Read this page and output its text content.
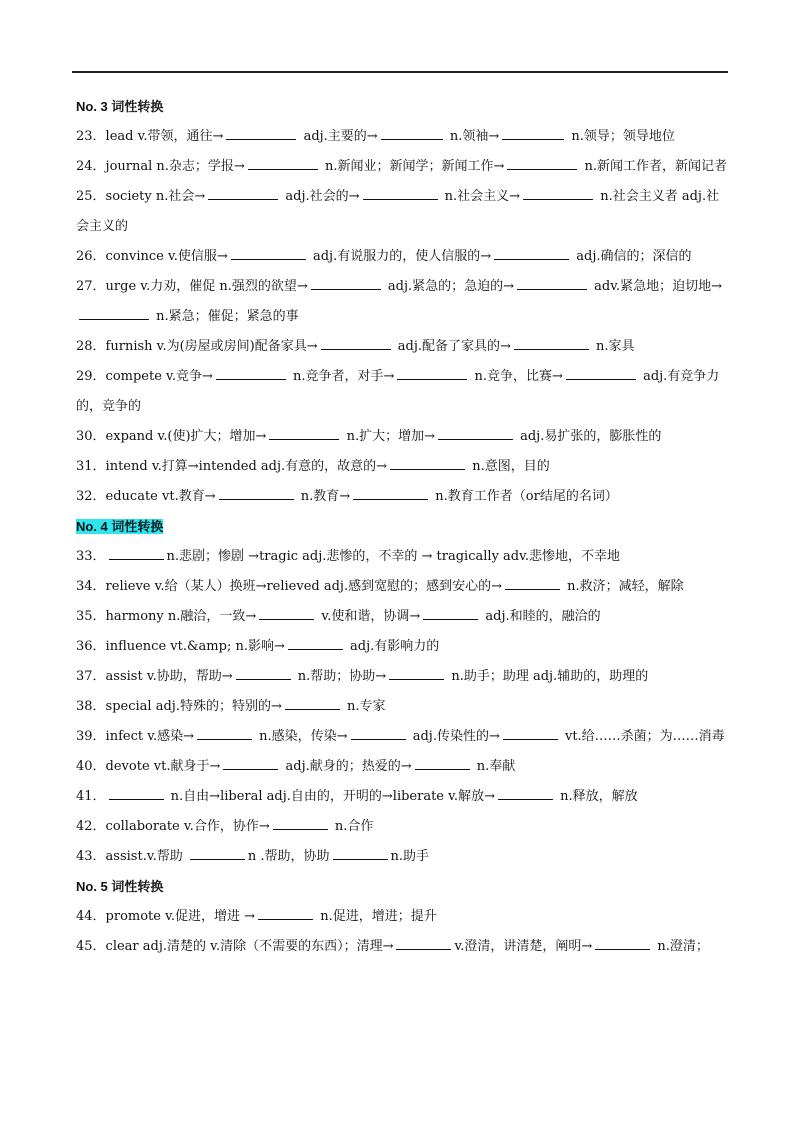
No. 3 词性转换
23．lead v.带领，通往→	adj.主要的→	n.领袖→	n.领导；领导地位
24．journal n.杂志；学报→	n.新闻业；新闻学；新闻工作→	n.新闻工作者，新闻记者
25．society n.社会→	adj.社会的→	n.社会主义→	n.社会主义者 adj.社会主义的
26．convince v.使信服→	adj.有说服力的，使人信服的→	adj.确信的；深信的
27．urge v.力劝，催促 n.强烈的欲望→	adj.紧急的；急迫的→	adv.紧急地；迫切地→ n.紧急；催促；紧急的事
28．furnish v.为(房屋或房间)配备家具→	adj.配备了家具的→	n.家具
29．compete v.竞争→	n.竞争者，对手→	n.竞争，比赛→	adj.有竞争力的，竞争的
30．expand v.(使)扩大；增加→	n.扩大；增加→	adj.易扩张的，膨胀性的
31．intend v.打算→intended adj.有意的，故意的→	n.意图，目的
32．educate vt.教育→	n.教育→	n.教育工作者（or结尾的名词）
No. 4 词性转换
33．	n.悲剧；惨剧 →tragic adj.悲惨的，不幸的 → tragically adv.悲惨地，不幸地
34．relieve v.给（某人）换班→relieved adj.感到宽慰的；感到安心的→	n.救济；减轻，解除
35．harmony n.融洽，一致→	v.使和谐，协调→	adj.和睦的，融洽的
36．influence vt.&amp; n.影响→	adj.有影响力的
37．assist v.协助，帮助→	n.帮助；协助→	n.助手；助理 adj.辅助的，助理的
38．special adj.特殊的；特别的→	n.专家
39．infect v.感染→	n.感染，传染→	adj.传染性的→	vt.给……杀菌；为……消毒
40．devote vt.献身于→	adj.献身的；热爱的→	n.奉献
41．	n.自由→liberal adj.自由的，开明的→liberate v.解放→	n.释放，解放
42．collaborate v.合作，协作→	n.合作
43．assist.v.帮助	n .帮助，协助	n.助手
No. 5 词性转换
44．promote v.促进，增进 →	n.促进，增进；提升
45．clear adj.清楚的 v.清除（不需要的东西）；清理→	v.澄清，讲清楚，阐明→	n.澄清；
